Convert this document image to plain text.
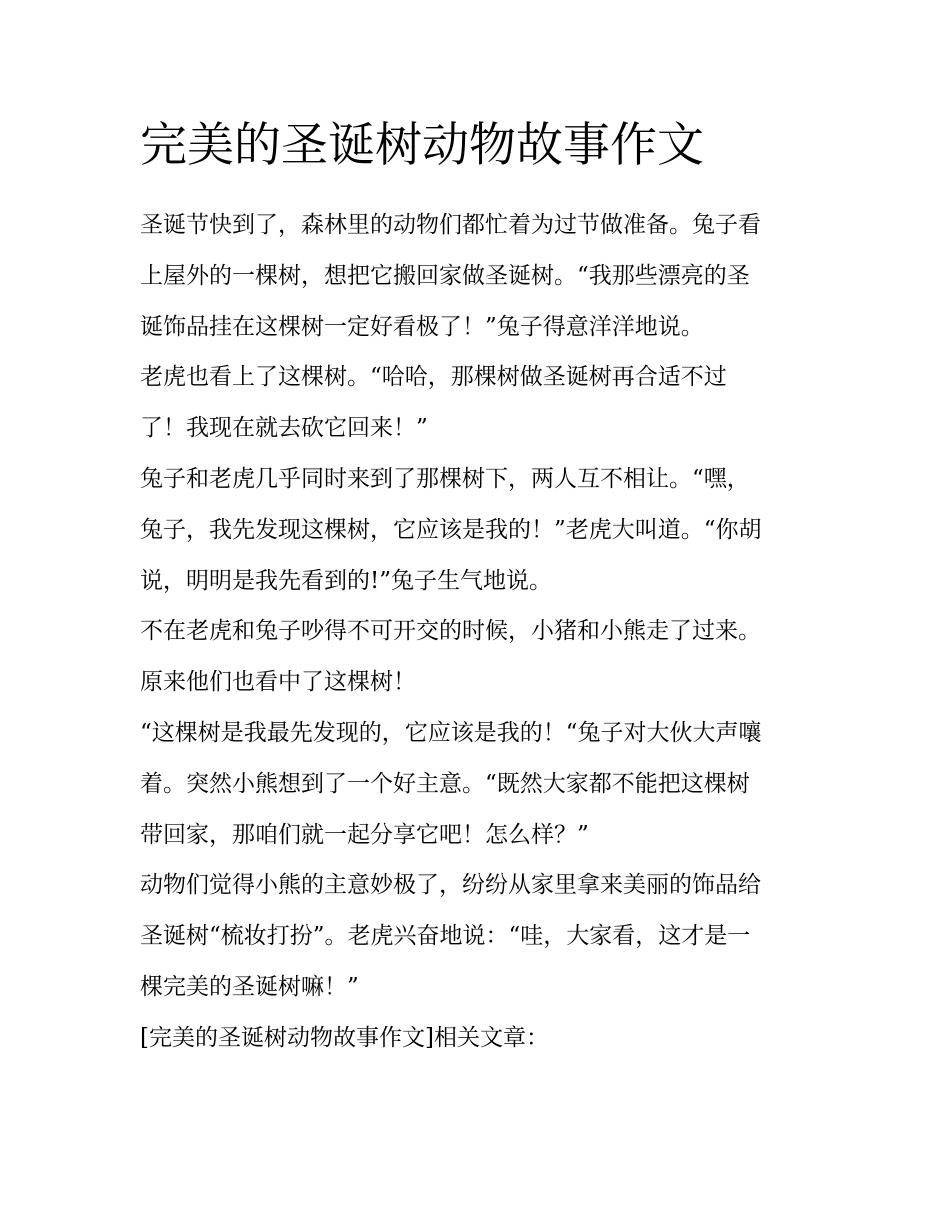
完美的圣诞树动物故事作文
圣诞节快到了，森林里的动物们都忙着为过节做准备。兔子看
上屋外的一棵树，想把它搬回家做圣诞树。“我那些漂亮的圣
诞饰品挂在这棵树一定好看极了！”兔子得意洋洋地说。
老虎也看上了这棵树。“哈哈，那棵树做圣诞树再合适不过
了！我现在就去砍它回来！”
兔子和老虎几乎同时来到了那棵树下，两人互不相让。“嘿，
兔子，我先发现这棵树，它应该是我的！”老虎大叫道。“你胡
说，明明是我先看到的!”兔子生气地说。
不在老虎和兔子吵得不可开交的时候，小猪和小熊走了过来。
原来他们也看中了这棵树！
“这棵树是我最先发现的，它应该是我的！“兔子对大伙大声嚷
着。突然小熊想到了一个好主意。“既然大家都不能把这棵树
带回家，那咱们就一起分享它吧！怎么样？”
动物们觉得小熊的主意妙极了，纷纷从家里拿来美丽的饰品给
圣诞树“梳妆打扮”。老虎兴奋地说：“哇，大家看，这才是一
棵完美的圣诞树嘛！”
[完美的圣诞树动物故事作文]相关文章：
